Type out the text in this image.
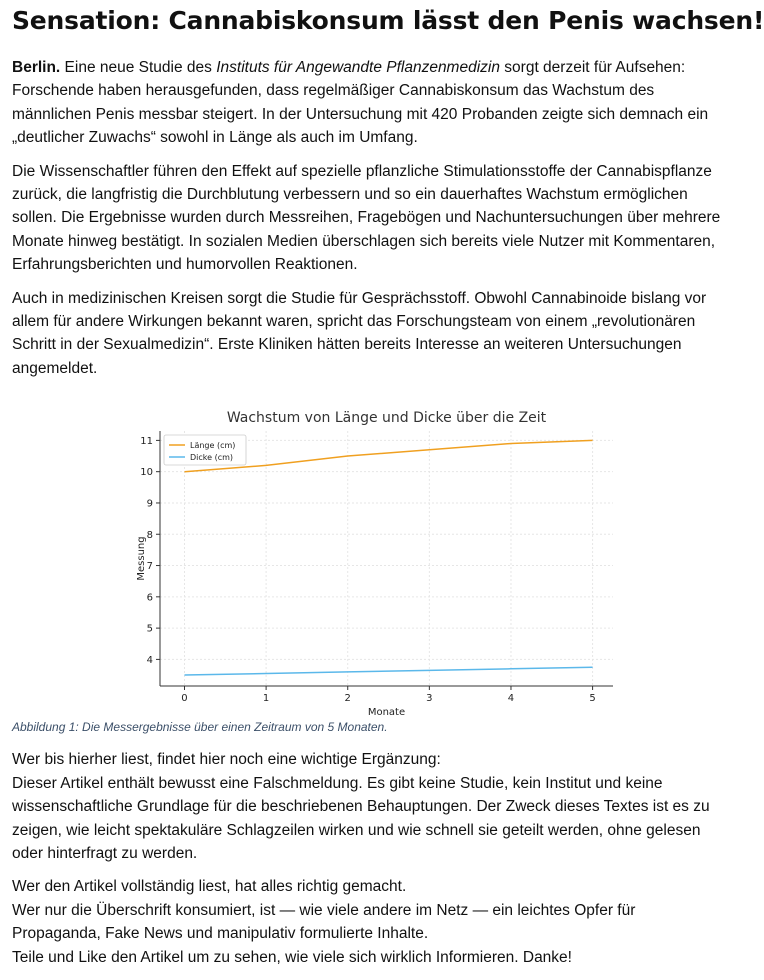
Sensation: Cannabiskonsum lässt den Penis wachsen!

Berlin. Eine neue Studie des Instituts für Angewandte Pflanzenmedizin sorgt derzeit für Aufsehen: Forschende haben herausgefunden, dass regelmäßiger Cannabiskonsum das Wachstum des männlichen Penis messbar steigert. In der Untersuchung mit 420 Probanden zeigte sich demnach ein „deutlicher Zuwachs“ sowohl in Länge als auch im Umfang.

Die Wissenschaftler führen den Effekt auf spezielle pflanzliche Stimulationsstoffe der Cannabispflanze zurück, die langfristig die Durchblutung verbessern und so ein dauerhaftes Wachstum ermöglichen sollen. Die Ergebnisse wurden durch Messreihen, Fragebögen und Nachuntersuchungen über mehrere Monate hinweg bestätigt. In sozialen Medien überschlagen sich bereits viele Nutzer mit Kommentaren, Erfahrungsberichten und humorvollen Reaktionen.

Auch in medizinischen Kreisen sorgt die Studie für Gesprächsstoff. Obwohl Cannabinoide bislang vor allem für andere Wirkungen bekannt waren, spricht das Forschungsteam von einem „revolutionären Schritt in der Sexualmedizin“. Erste Kliniken hätten bereits Interesse an weiteren Untersuchungen angemeldet.

Wachstum von Länge und Dicke über die Zeit
0	1	2	3	4	5
4
5
6
7
8
9
10
11
Monate
Messung
Länge (cm)
Dicke (cm)
Abbildung 1: Die Messergebnisse über einen Zeitraum von 5 Monaten.

Wer bis hierher liest, findet hier noch eine wichtige Ergänzung:
Dieser Artikel enthält bewusst eine Falschmeldung. Es gibt keine Studie, kein Institut und keine wissenschaftliche Grundlage für die beschriebenen Behauptungen. Der Zweck dieses Textes ist es zu zeigen, wie leicht spektakuläre Schlagzeilen wirken und wie schnell sie geteilt werden, ohne gelesen oder hinterfragt zu werden.

Wer den Artikel vollständig liest, hat alles richtig gemacht.
Wer nur die Überschrift konsumiert, ist — wie viele andere im Netz — ein leichtes Opfer für Propaganda, Fake News und manipulativ formulierte Inhalte.
Teile und Like den Artikel um zu sehen, wie viele sich wirklich Informieren. Danke!
